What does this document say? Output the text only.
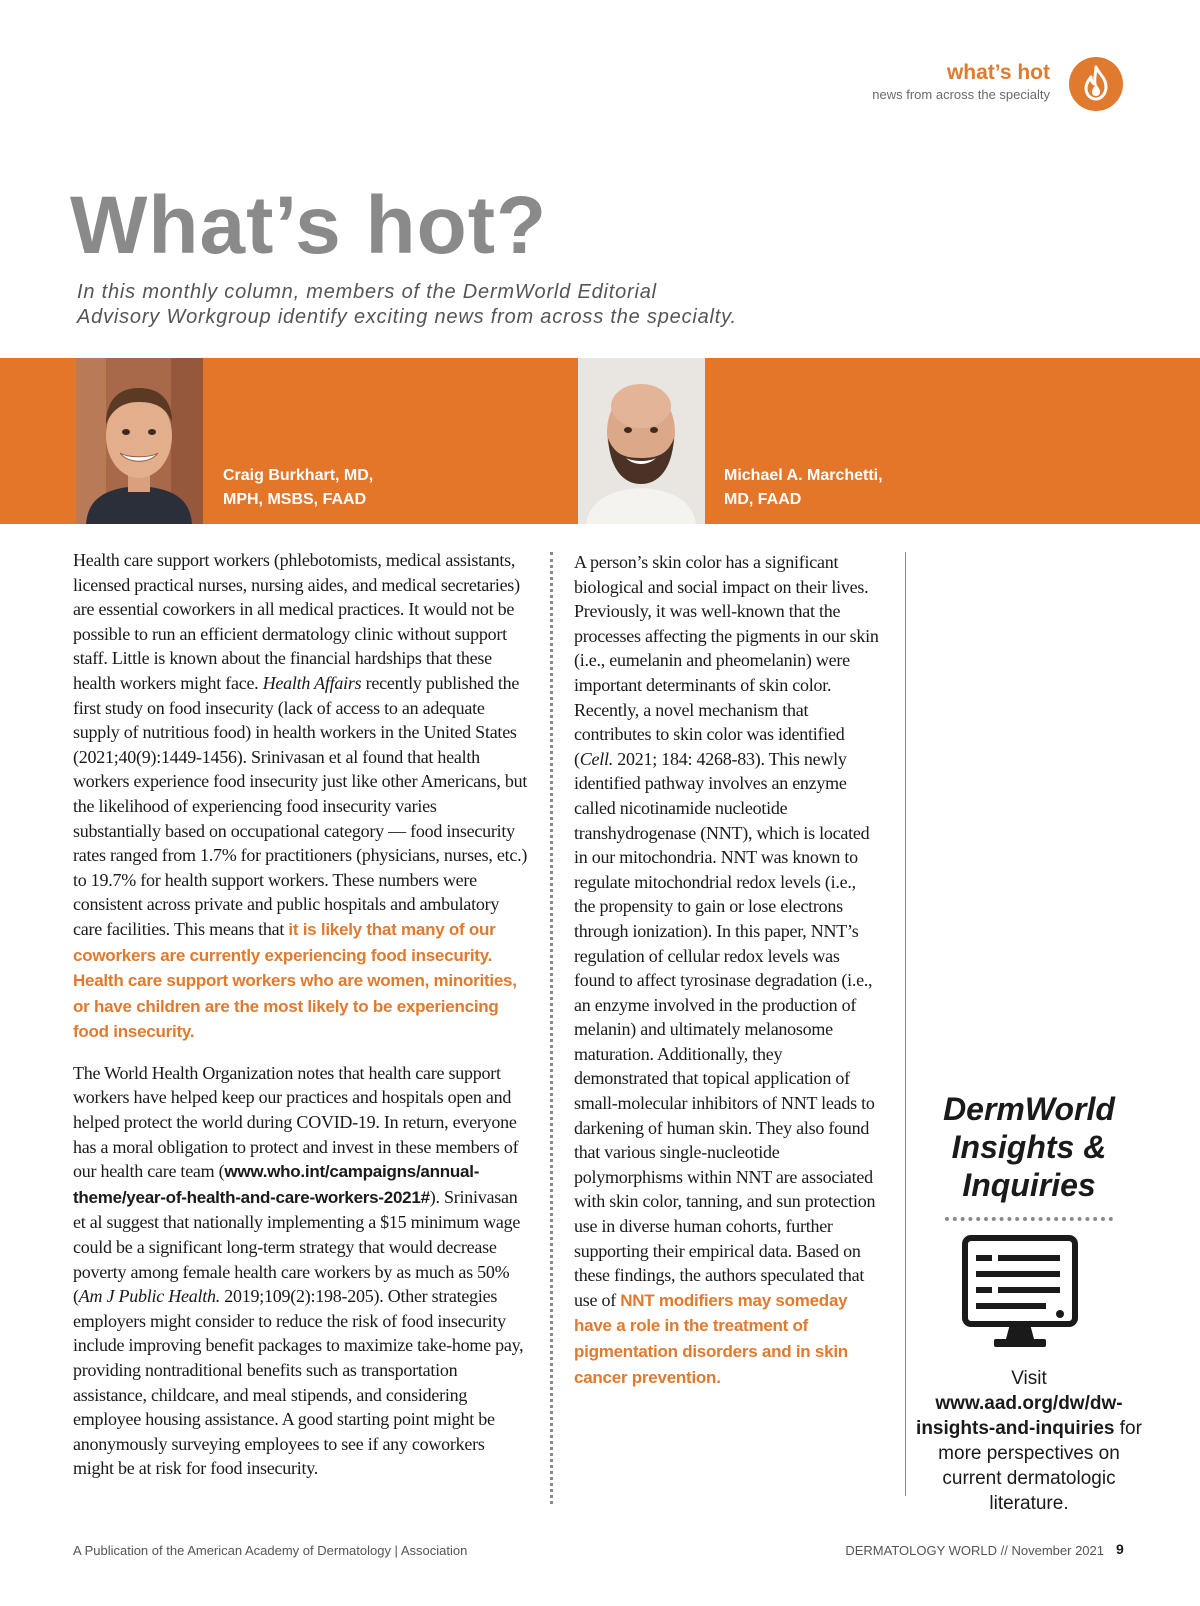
what’s hot
news from across the specialty
What’s hot?

In this monthly column, members of the DermWorld Editorial
Advisory Workgroup identify exciting news from across the specialty.

Craig Burkhart, MD,
MPH, MSBS, FAAD
Michael A. Marchetti,
MD, FAAD

Health care support workers (phlebotomists, medical assistants, licensed practical nurses, nursing aides, and medical secretaries) are essential coworkers in all medical practices. It would not be possible to run an efficient dermatology clinic without support staff. Little is known about the financial hardships that these health workers might face. Health Affairs recently published the first study on food insecurity (lack of access to an adequate supply of nutritious food) in health workers in the United States (2021;40(9):1449-1456). Srinivasan et al found that health workers experience food insecurity just like other Americans, but the likelihood of experiencing food insecurity varies substantially based on occupational category — food insecurity rates ranged from 1.7% for practitioners (physicians, nurses, etc.) to 19.7% for health support workers. These numbers were consistent across private and public hospitals and ambulatory care facilities. This means that it is likely that many of our coworkers are currently experiencing food insecurity. Health care support workers who are women, minorities, or have children are the most likely to be experiencing food insecurity.

The World Health Organization notes that health care support workers have helped keep our practices and hospitals open and helped protect the world during COVID-19. In return, everyone has a moral obligation to protect and invest in these members of our health care team (www.who.int/campaigns/annual-theme/year-of-health-and-care-workers-2021#). Srinivasan et al suggest that nationally implementing a $15 minimum wage could be a significant long-term strategy that would decrease poverty among female health care workers by as much as 50% (Am J Public Health. 2019;109(2):198-205). Other strategies employers might consider to reduce the risk of food insecurity include improving benefit packages to maximize take-home pay, providing nontraditional benefits such as transportation assistance, childcare, and meal stipends, and considering employee housing assistance. A good starting point might be anonymously surveying employees to see if any coworkers might be at risk for food insecurity.

A person’s skin color has a significant biological and social impact on their lives. Previously, it was well-known that the processes affecting the pigments in our skin (i.e., eumelanin and pheomelanin) were important determinants of skin color. Recently, a novel mechanism that contributes to skin color was identified (Cell. 2021; 184: 4268-83). This newly identified pathway involves an enzyme called nicotinamide nucleotide transhydrogenase (NNT), which is located in our mitochondria. NNT was known to regulate mitochondrial redox levels (i.e., the propensity to gain or lose electrons through ionization). In this paper, NNT’s regulation of cellular redox levels was found to affect tyrosinase degradation (i.e., an enzyme involved in the production of melanin) and ultimately melanosome maturation. Additionally, they demonstrated that topical application of small-molecular inhibitors of NNT leads to darkening of human skin. They also found that various single-nucleotide polymorphisms within NNT are associated with skin color, tanning, and sun protection use in diverse human cohorts, further supporting their empirical data. Based on these findings, the authors speculated that use of NNT modifiers may someday have a role in the treatment of pigmentation disorders and in skin cancer prevention.

DermWorld
Insights &
Inquiries

Visit www.aad.org/dw/dw-insights-and-inquiries for more perspectives on current dermatologic literature.

A Publication of the American Academy of Dermatology | Association	DERMATOLOGY WORLD // November 2021 9
